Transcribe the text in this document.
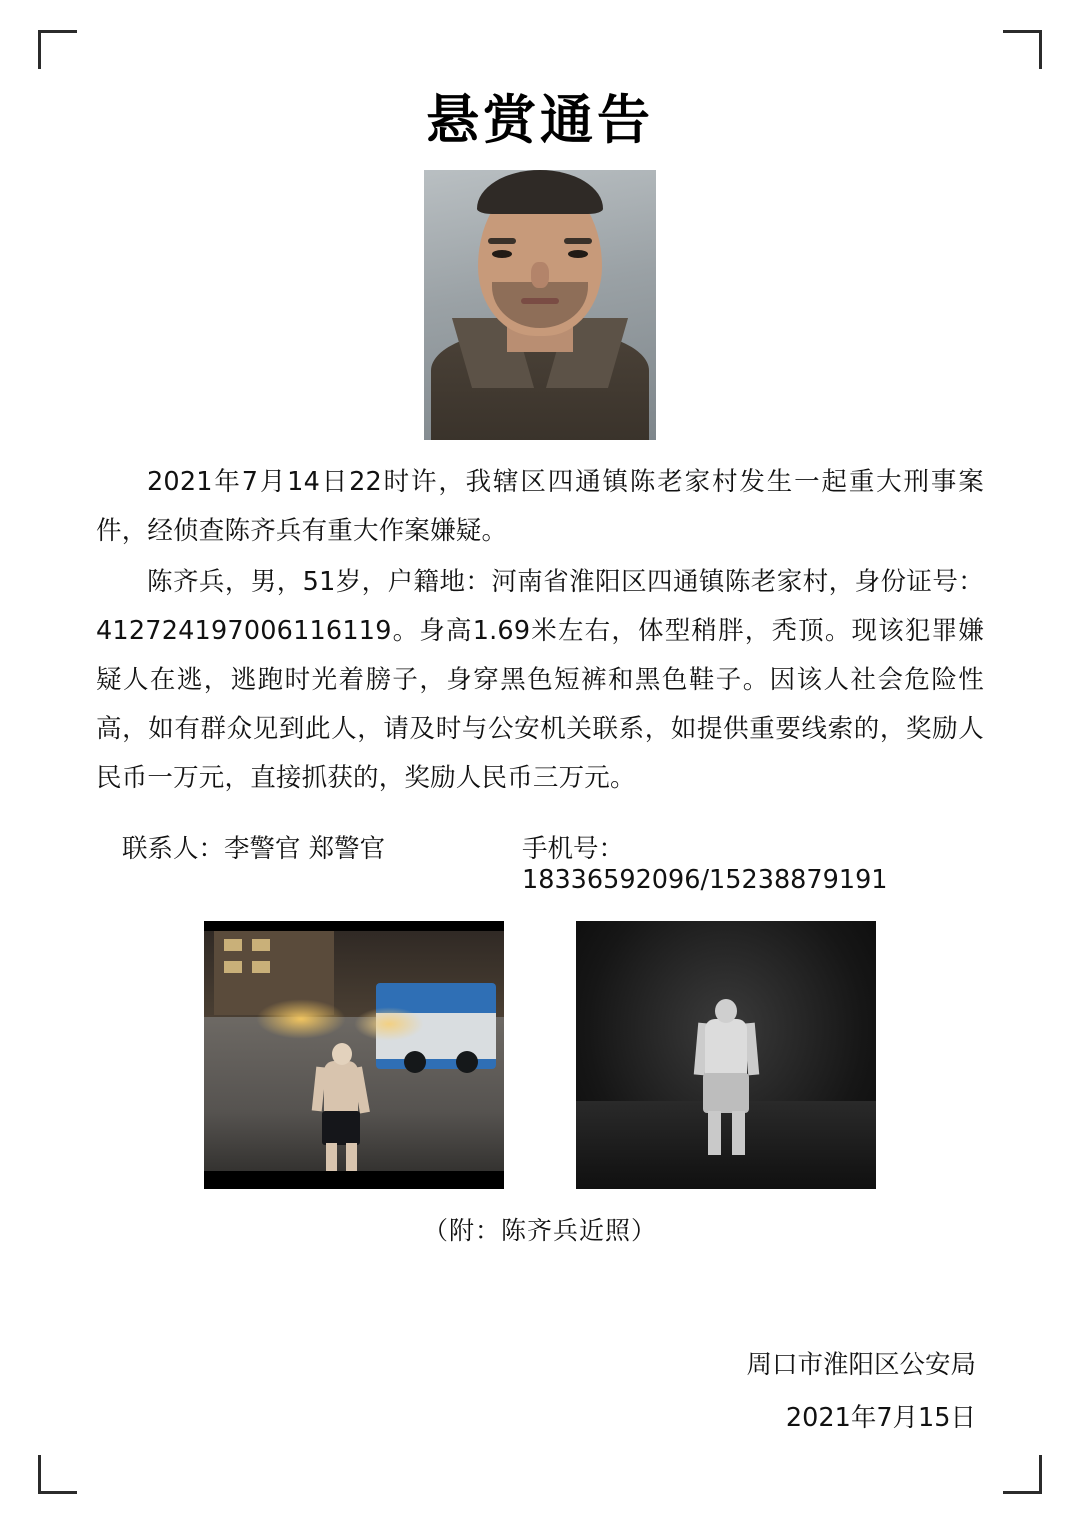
悬赏通告

2021年7月14日22时许，我辖区四通镇陈老家村发生一起重大刑事案件，经侦查陈齐兵有重大作案嫌疑。

陈齐兵，男，51岁，户籍地：河南省淮阳区四通镇陈老家村，身份证号：412724197006116119。身高1.69米左右，体型稍胖，秃顶。现该犯罪嫌疑人在逃，逃跑时光着膀子，身穿黑色短裤和黑色鞋子。因该人社会危险性高，如有群众见到此人，请及时与公安机关联系，如提供重要线索的，奖励人民币一万元，直接抓获的，奖励人民币三万元。

联系人：李警官 郑警官	手机号：18336592096/15238879191
（附：陈齐兵近照）
周口市淮阳区公安局
2021年7月15日
